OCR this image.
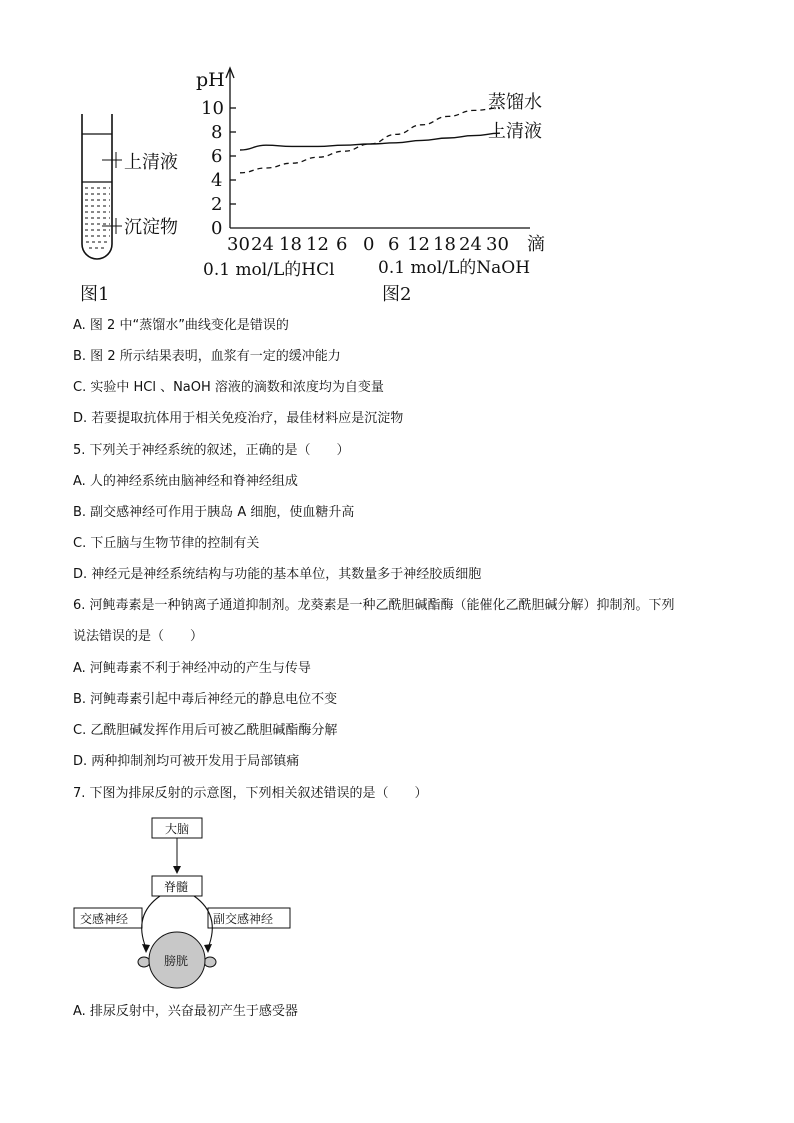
上清液
沉淀物
图1
pH
10
8
6
4
2
0
30 24 18 12 6 0 6 12 18 24 30 滴
0.1 mol/L的HCl	0.1 mol/L的NaOH
图2
蒸馏水
上清液
A. 图 2 中“蒸馏水”曲线变化是错误的
B. 图 2 所示结果表明，血浆有一定的缓冲能力
C. 实验中 HCl 、NaOH 溶液的滴数和浓度均为自变量
D. 若要提取抗体用于相关免疫治疗，最佳材料应是沉淀物
5. 下列关于神经系统的叙述，正确的是（　　）
A. 人的神经系统由脑神经和脊神经组成
B. 副交感神经可作用于胰岛 A 细胞，使血糖升高
C. 下丘脑与生物节律的控制有关
D. 神经元是神经系统结构与功能的基本单位，其数量多于神经胶质细胞
6. 河鲀毒素是一种钠离子通道抑制剂。龙葵素是一种乙酰胆碱酯酶（能催化乙酰胆碱分解）抑制剂。下列
说法错误的是（　　）
A. 河鲀毒素不利于神经冲动的产生与传导
B. 河鲀毒素引起中毒后神经元的静息电位不变
C. 乙酰胆碱发挥作用后可被乙酰胆碱酯酶分解
D. 两种抑制剂均可被开发用于局部镇痛
7. 下图为排尿反射的示意图，下列相关叙述错误的是（　　）
大脑
脊髓
交感神经	副交感神经
膀胱
A. 排尿反射中，兴奋最初产生于感受器
